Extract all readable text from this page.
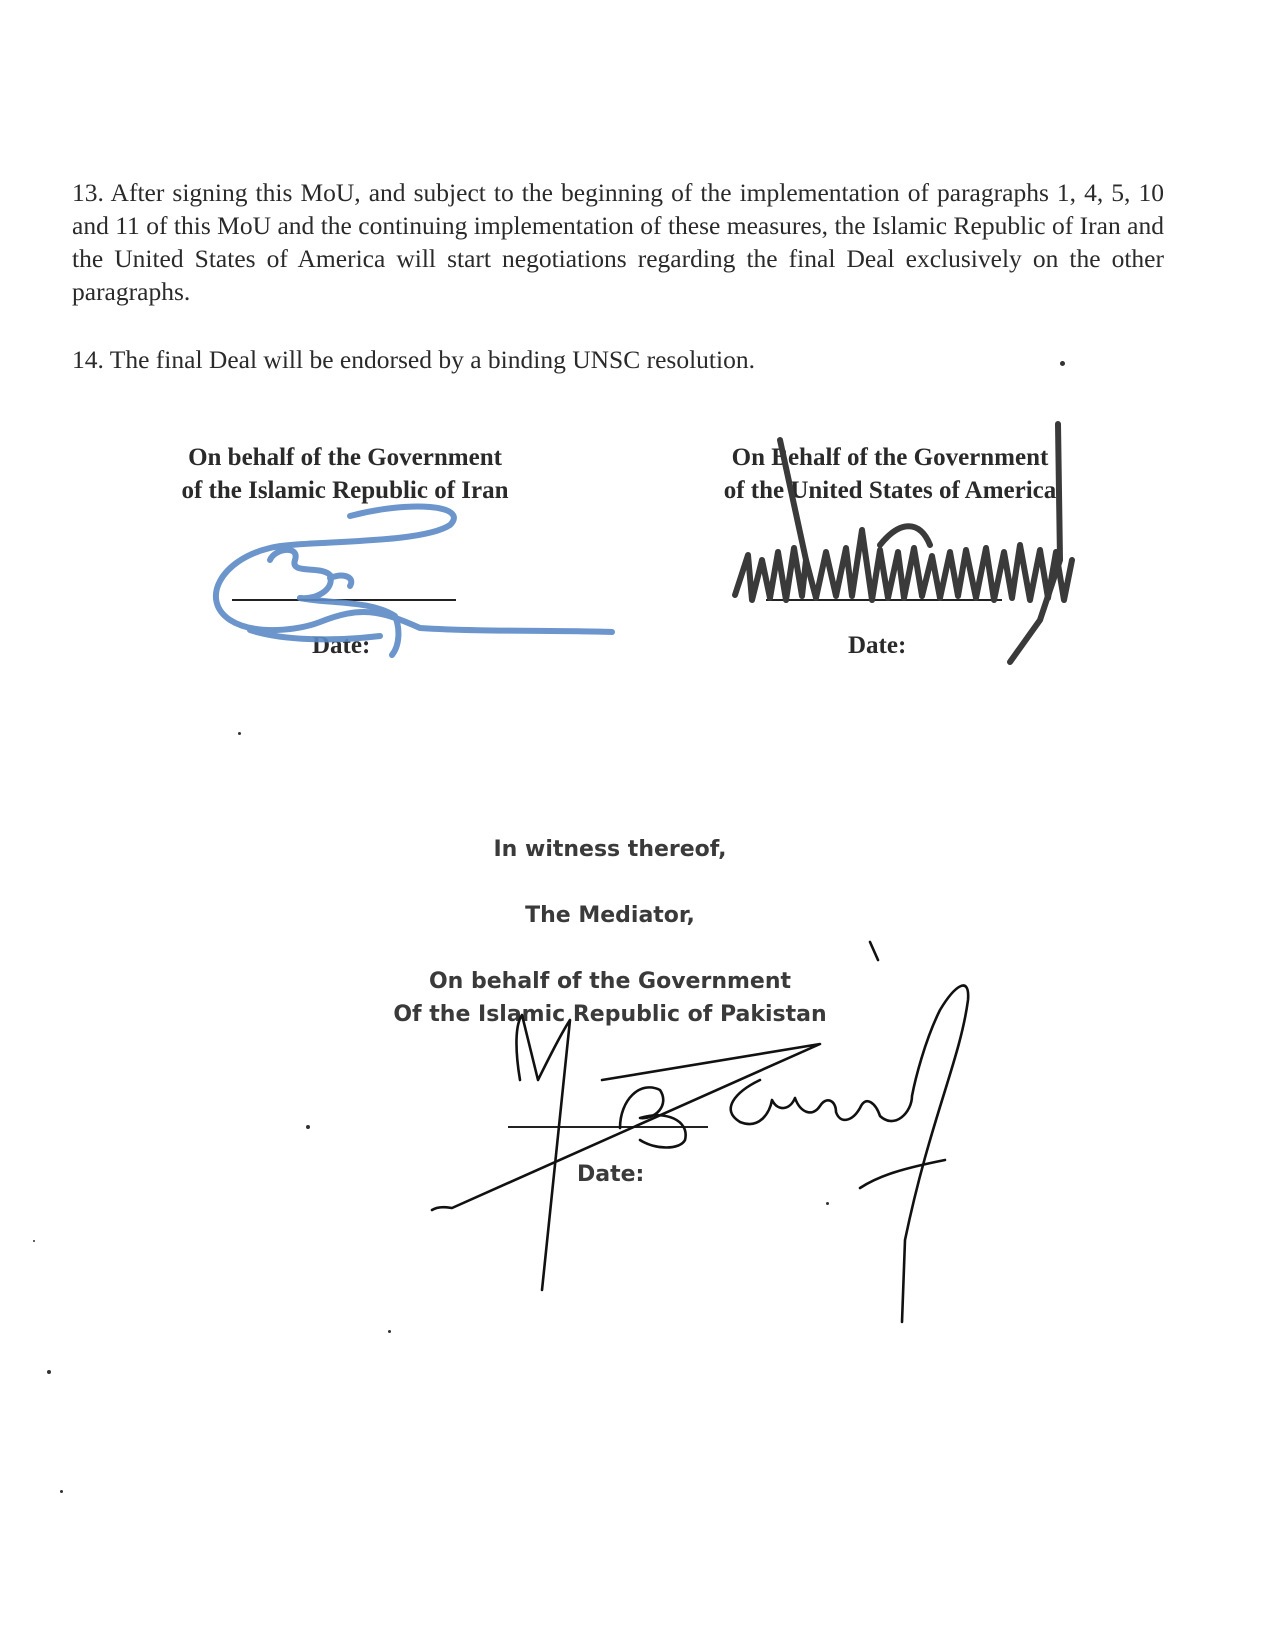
13. After signing this MoU, and subject to the beginning of the implementation of paragraphs 1, 4, 5, 10 and 11 of this MoU and the continuing implementation of these measures, the Islamic Republic of Iran and the United States of America will start negotiations regarding the final Deal exclusively on the other paragraphs.

14. The final Deal will be endorsed by a binding UNSC resolution.

On behalf of the Government
of the Islamic Republic of Iran
Date:
On Behalf of the Government
of the United States of America
Date:
In witness thereof,
The Mediator,
On behalf of the Government
Of the Islamic Republic of Pakistan
Date:
